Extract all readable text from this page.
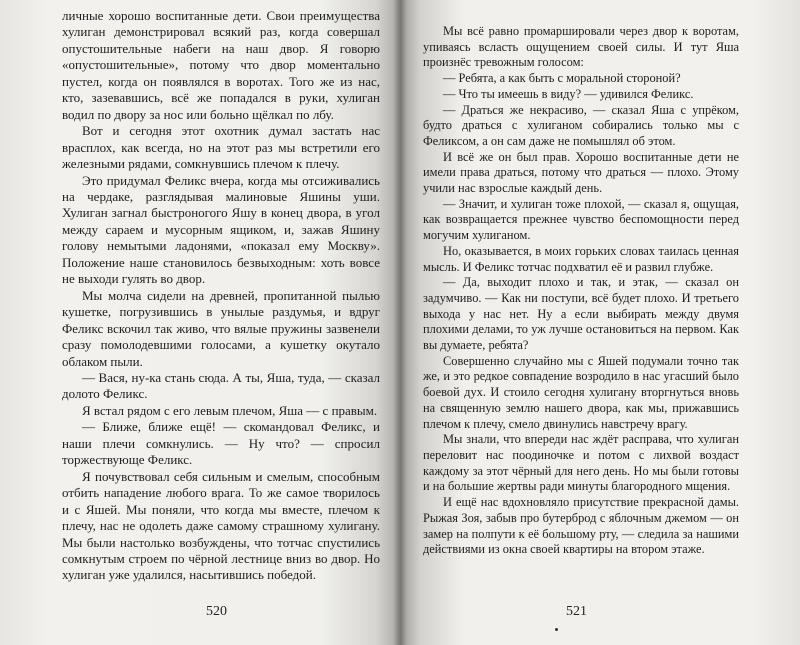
личные хорошо воспитанные дети. Свои преимущества хулиган демонстрировал всякий раз, когда совершал опустошительные набеги на наш двор. Я говорю «опустошительные», потому что двор моментально пустел, когда он появлялся в воротах. Того же из нас, кто, зазевавшись, всё же попадался в руки, хулиган водил по двору за нос или больно щёлкал по лбу.

Вот и сегодня этот охотник думал застать нас врасплох, как всегда, но на этот раз мы встретили его железными рядами, сомкнувшись плечом к плечу.

Это придумал Феликс вчера, когда мы отсиживались на чердаке, разглядывая малиновые Яшины уши. Хулиган загнал быстроногого Яшу в конец двора, в угол между сараем и мусорным ящиком, и, зажав Яшину голову немытыми ладонями, «показал ему Москву». Положение наше становилось безвыходным: хоть вовсе не выходи гулять во двор.

Мы молча сидели на древней, пропитанной пылью кушетке, погрузившись в унылые раздумья, и вдруг Феликс вскочил так живо, что вялые пружины зазвенели сразу помолодевшими голосами, а кушетку окутало облаком пыли.

— Вася, ну-ка стань сюда. А ты, Яша, туда, — сказал долото Феликс.

Я встал рядом с его левым плечом, Яша — с правым.

— Ближе, ближе ещё! — скомандовал Феликс, и наши плечи сомкнулись. — Ну что? — спросил торжествующе Феликс.

Я почувствовал себя сильным и смелым, способным отбить нападение любого врага. То же самое творилось и с Яшей. Мы поняли, что когда мы вместе, плечом к плечу, нас не одолеть даже самому страшному хулигану. Мы были настолько возбуждены, что тотчас спустились сомкнутым строем по чёрной лестнице вниз во двор. Но хулиган уже удалился, насытившись победой.

520

Мы всё равно промаршировали через двор к воротам, упиваясь всласть ощущением своей силы. И тут Яша произнёс тревожным голосом:

— Ребята, а как быть с моральной стороной?

— Что ты имеешь в виду? — удивился Феликс.

— Драться же некрасиво, — сказал Яша с упрёком, будто драться с хулиганом собирались только мы с Феликсом, а он сам даже не помышлял об этом.

И всё же он был прав. Хорошо воспитанные дети не имели права драться, потому что драться — плохо. Этому учили нас взрослые каждый день.

— Значит, и хулиган тоже плохой, — сказал я, ощущая, как возвращается прежнее чувство беспомощности перед могучим хулиганом.

Но, оказывается, в моих горьких словах таилась ценная мысль. И Феликс тотчас подхватил её и развил глубже.

— Да, выходит плохо и так, и этак, — сказал он задумчиво. — Как ни поступи, всё будет плохо. И третьего выхода у нас нет. Ну а если выбирать между двумя плохими делами, то уж лучше остановиться на первом. Как вы думаете, ребята?

Совершенно случайно мы с Яшей подумали точно так же, и это редкое совпадение возродило в нас угасший было боевой дух. И стоило сегодня хулигану вторгнуться вновь на священную землю нашего двора, как мы, прижавшись плечом к плечу, смело двинулись навстречу врагу.

Мы знали, что впереди нас ждёт расправа, что хулиган переловит нас поодиночке и потом с лихвой воздаст каждому за этот чёрный для него день. Но мы были готовы и на большие жертвы ради минуты благородного мщения.

И ещё нас вдохновляло присутствие прекрасной дамы. Рыжая Зоя, забыв про бутерброд с яблочным джемом — он замер на полпути к её большому рту, — следила за нашими действиями из окна своей квартиры на втором этаже.

521
